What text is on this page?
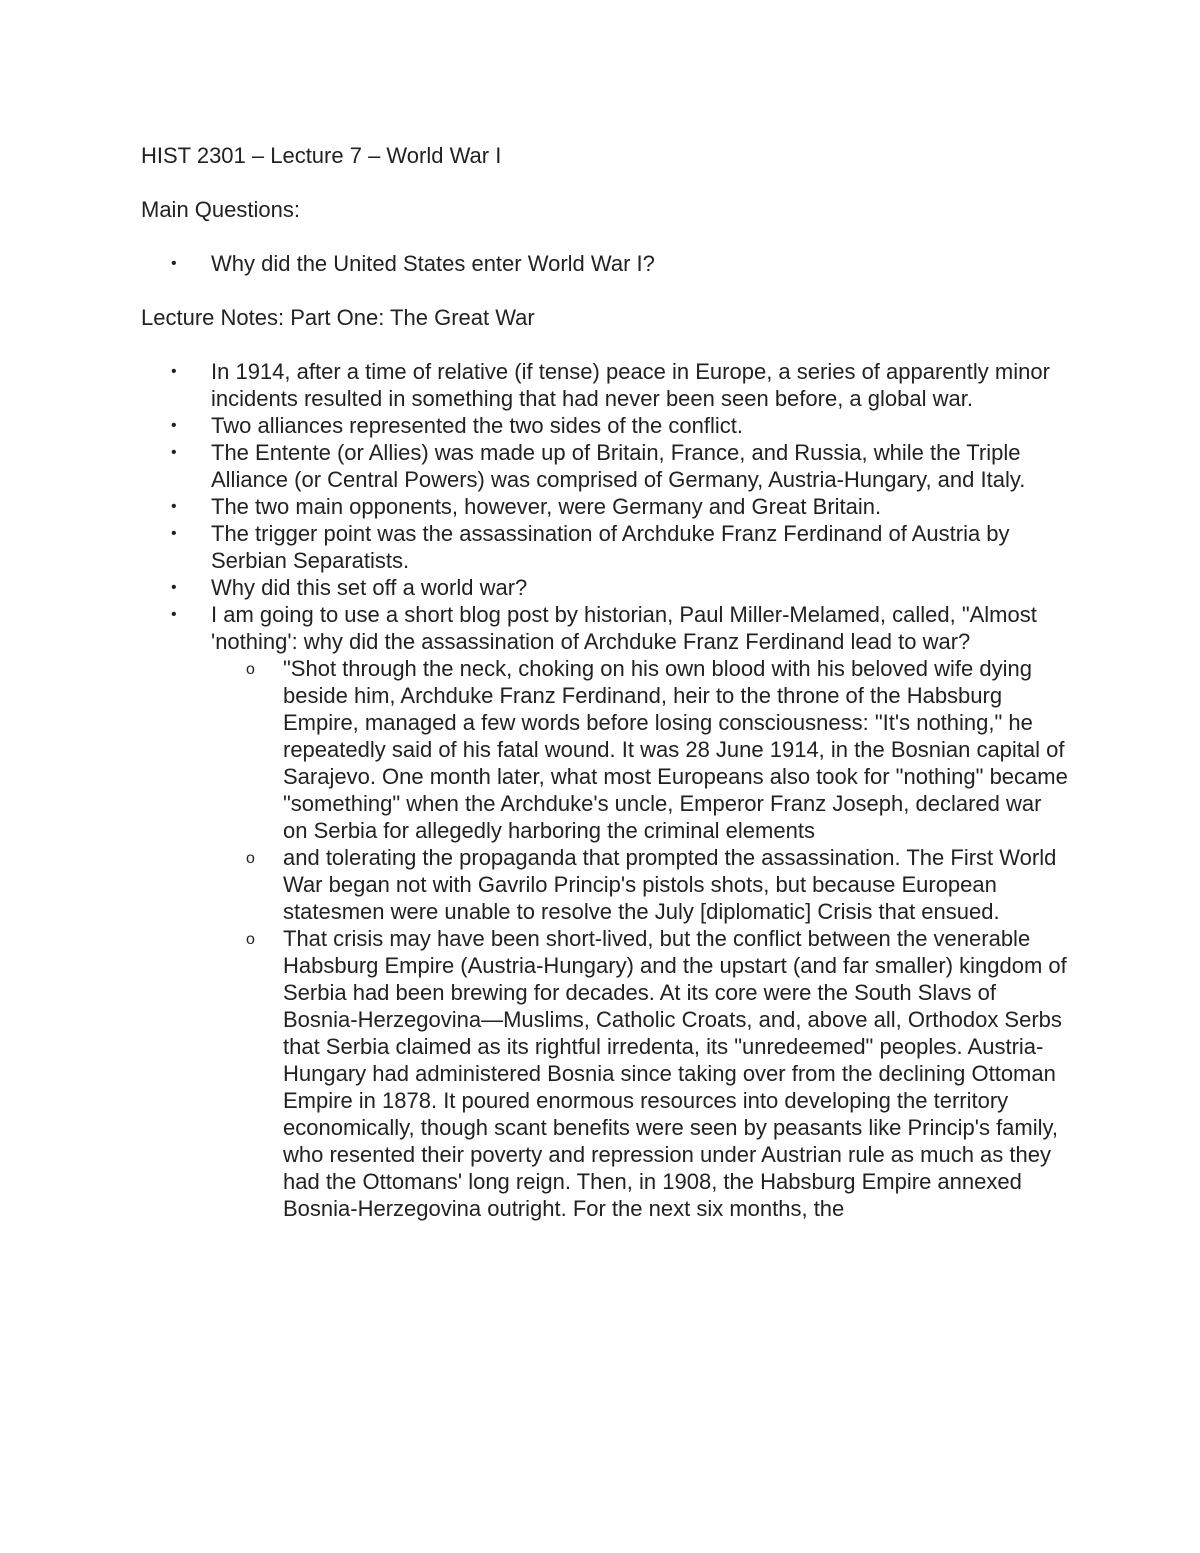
HIST 2301 – Lecture 7 – World War I

Main Questions:

•	Why did the United States enter World War I?

Lecture Notes: Part One: The Great War

•	In 1914, after a time of relative (if tense) peace in Europe, a series of apparently minor incidents resulted in something that had never been seen before, a global war.
•	Two alliances represented the two sides of the conflict.
•	The Entente (or Allies) was made up of Britain, France, and Russia, while the Triple Alliance (or Central Powers) was comprised of Germany, Austria-Hungary, and Italy.
•	The two main opponents, however, were Germany and Great Britain.
•	The trigger point was the assassination of Archduke Franz Ferdinand of Austria by Serbian Separatists.
•	Why did this set off a world war?
•	I am going to use a short blog post by historian, Paul Miller-Melamed, called, "Almost 'nothing': why did the assassination of Archduke Franz Ferdinand lead to war?
o "Shot through the neck, choking on his own blood with his beloved wife dying beside him, Archduke Franz Ferdinand, heir to the throne of the Habsburg Empire, managed a few words before losing consciousness: "It's nothing," he repeatedly said of his fatal wound. It was 28 June 1914, in the Bosnian capital of Sarajevo. One month later, what most Europeans also took for "nothing" became "something" when the Archduke's uncle, Emperor Franz Joseph, declared war on Serbia for allegedly harboring the criminal elements
o and tolerating the propaganda that prompted the assassination. The First World War began not with Gavrilo Princip's pistols shots, but because European statesmen were unable to resolve the July [diplomatic] Crisis that ensued.
o That crisis may have been short-lived, but the conflict between the venerable Habsburg Empire (Austria-Hungary) and the upstart (and far smaller) kingdom of Serbia had been brewing for decades. At its core were the South Slavs of Bosnia-Herzegovina—Muslims, Catholic Croats, and, above all, Orthodox Serbs that Serbia claimed as its rightful irredenta, its "unredeemed" peoples. Austria-Hungary had administered Bosnia since taking over from the declining Ottoman Empire in 1878. It poured enormous resources into developing the territory economically, though scant benefits were seen by peasants like Princip's family, who resented their poverty and repression under Austrian rule as much as they had the Ottomans' long reign. Then, in 1908, the Habsburg Empire annexed Bosnia-Herzegovina outright. For the next six months, the
